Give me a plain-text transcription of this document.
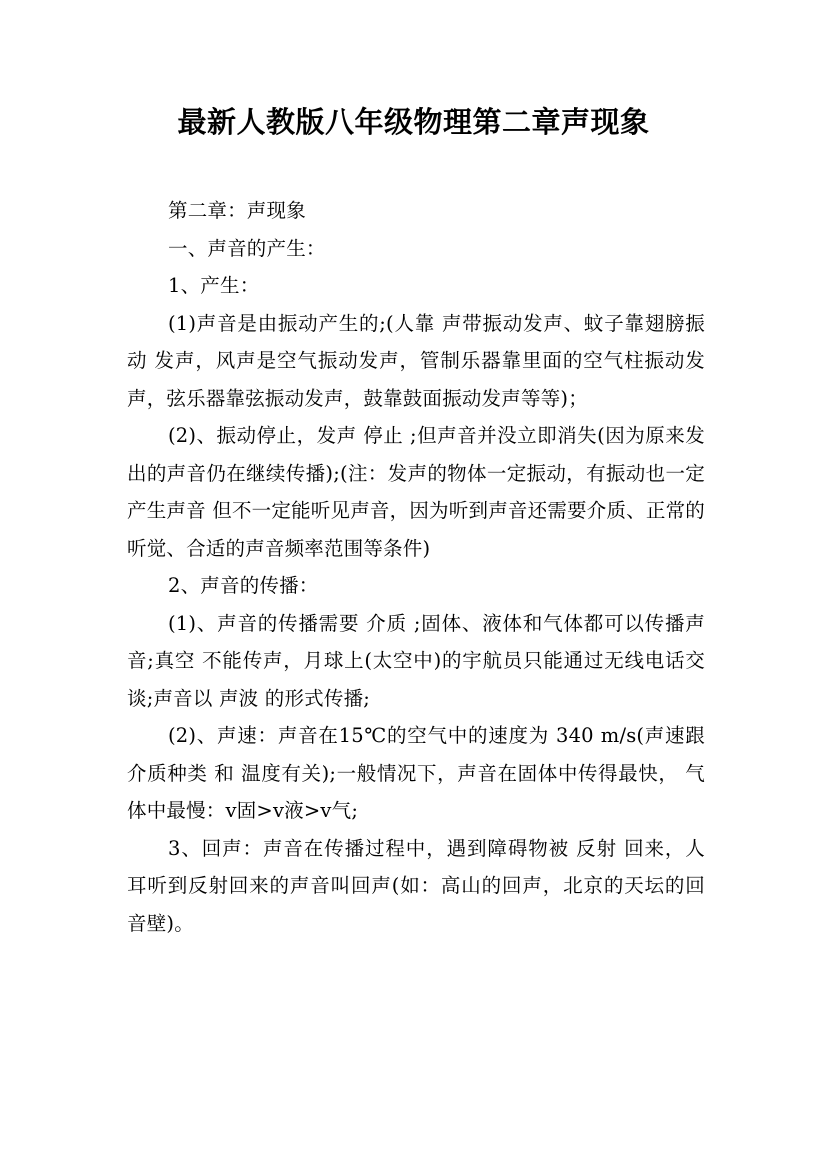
最新人教版八年级物理第二章声现象

第二章：声现象

一、声音的产生：

1、产生：

(1)声音是由振动产生的;(人靠 声带振动发声、蚊子靠翅膀振动 发声，风声是空气振动发声，管制乐器靠里面的空气柱振动发声，弦乐器靠弦振动发声，鼓靠鼓面振动发声等等)；

(2)、振动停止，发声 停止 ;但声音并没立即消失(因为原来发出的声音仍在继续传播);(注：发声的物体一定振动，有振动也一定产生声音 但不一定能听见声音，因为听到声音还需要介质、正常的听觉、合适的声音频率范围等条件)

2、声音的传播：

(1)、声音的传播需要 介质 ;固体、液体和气体都可以传播声音;真空 不能传声，月球上(太空中)的宇航员只能通过无线电话交谈;声音以 声波 的形式传播;

(2)、声速：声音在15℃的空气中的速度为 340 m/s(声速跟 介质种类 和 温度有关);一般情况下，声音在固体中传得最快， 气体中最慢：v固>v液>v气;

3、回声：声音在传播过程中，遇到障碍物被 反射 回来，人耳听到反射回来的声音叫回声(如：高山的回声，北京的天坛的回音壁)。
